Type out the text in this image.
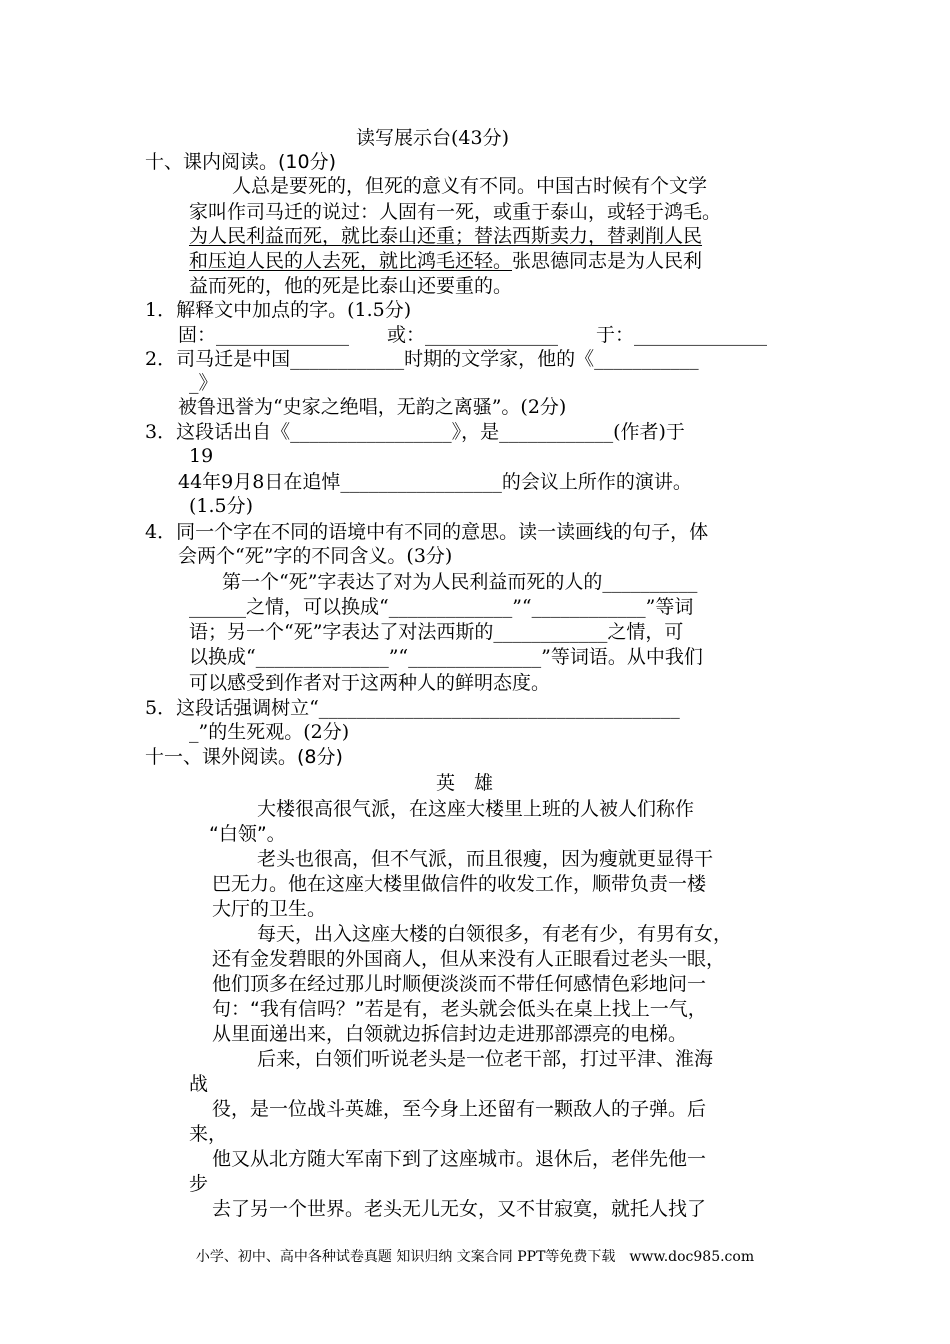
读写展示台(43分)
十、课内阅读。(10分)
人总是要死的，但死的意义有不同。中国古时候有个文学
家叫作司马迁的说过：人固有一死，或重于泰山，或轻于鸿毛。
为人民利益而死，就比泰山还重；替法西斯卖力，替剥削人民
和压迫人民的人去死，就比鸿毛还轻。张思德同志是为人民利
益而死的，他的死是比泰山还要重的。
1．解释文中加点的字。(1.5分)
固：______________　　或：______________　　于：______________
2．司马迁是中国____________时期的文学家，他的《___________
_》
被鲁迅誉为“史家之绝唱，无韵之离骚”。(2分)
3．这段话出自《_________________》，是____________(作者)于
19
44年9月8日在追悼_________________的会议上所作的演讲。
(1.5分)
4．同一个字在不同的语境中有不同的意思。读一读画线的句子，体
会两个“死”字的不同含义。(3分)
第一个“死”字表达了对为人民利益而死的人的__________
______之情，可以换成“_____________”“____________”等词
语；另一个“死”字表达了对法西斯的____________之情，可
以换成“______________”“______________”等词语。从中我们
可以感受到作者对于这两种人的鲜明态度。
5．这段话强调树立“______________________________________
_”的生死观。(2分)
十一、课外阅读。(8分)
英　雄
大楼很高很气派，在这座大楼里上班的人被人们称作
“白领”。
老头也很高，但不气派，而且很瘦，因为瘦就更显得干
巴无力。他在这座大楼里做信件的收发工作，顺带负责一楼
大厅的卫生。
每天，出入这座大楼的白领很多，有老有少，有男有女，
还有金发碧眼的外国商人，但从来没有人正眼看过老头一眼，
他们顶多在经过那儿时顺便淡淡而不带任何感情色彩地问一
句：“我有信吗？”若是有，老头就会低头在桌上找上一气，
从里面递出来，白领就边拆信封边走进那部漂亮的电梯。
后来，白领们听说老头是一位老干部，打过平津、淮海
战
役，是一位战斗英雄，至今身上还留有一颗敌人的子弹。后
来，
他又从北方随大军南下到了这座城市。退休后，老伴先他一
步
去了另一个世界。老头无儿无女，又不甘寂寞，就托人找了
小学、初中、高中各种试卷真题 知识归纳 文案合同 PPT等免费下载　www.doc985.com
